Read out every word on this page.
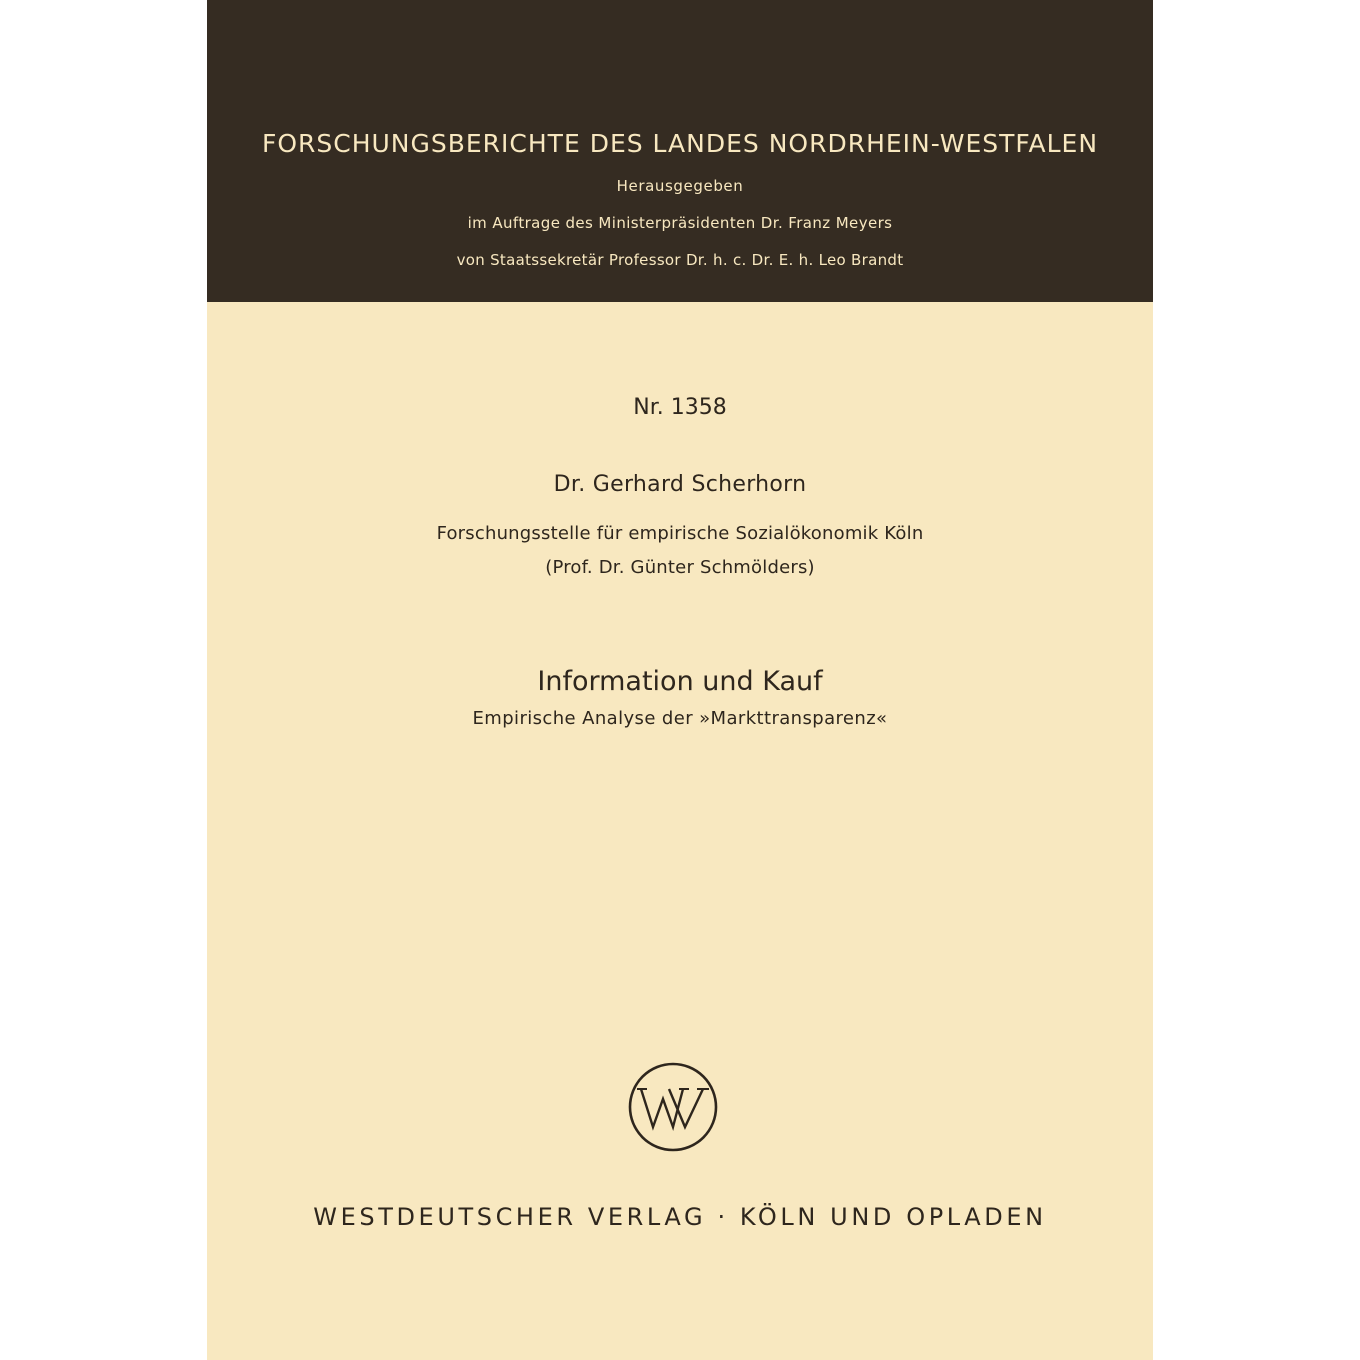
FORSCHUNGSBERICHTE DES LANDES NORDRHEIN-WESTFALEN
Herausgegeben
im Auftrage des Ministerpräsidenten Dr. Franz Meyers
von Staatssekretär Professor Dr. h. c. Dr. E. h. Leo Brandt
Nr. 1358
Dr. Gerhard Scherhorn
Forschungsstelle für empirische Sozialökonomik Köln
(Prof. Dr. Günter Schmölders)
Information und Kauf
Empirische Analyse der »Markttransparenz«
WESTDEUTSCHER VERLAG · KÖLN UND OPLADEN
